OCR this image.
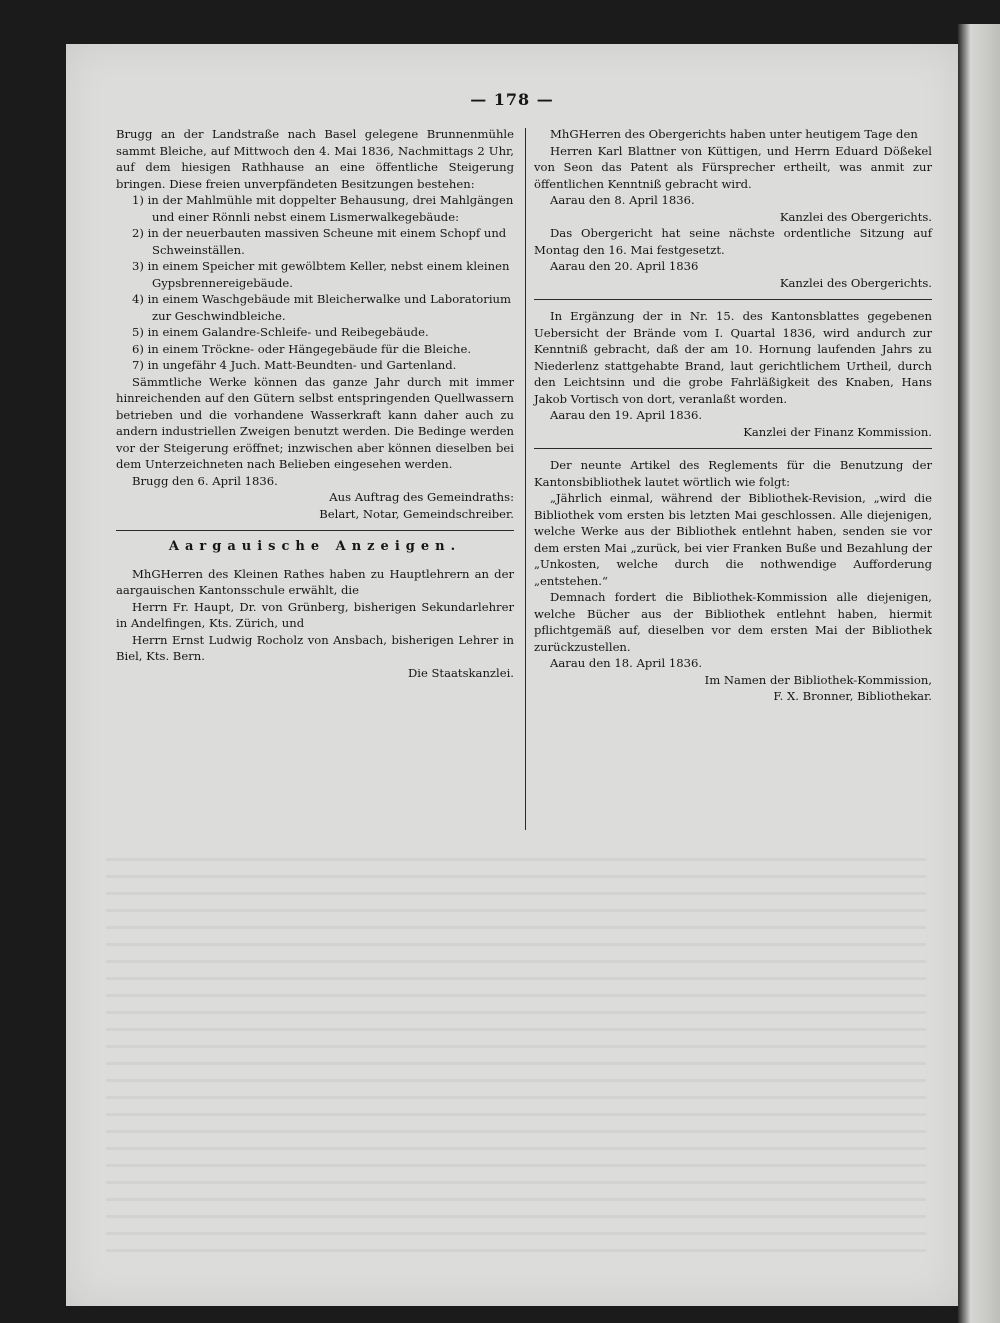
— 178 —

Brugg an der Landstraße nach Basel gelegene Brunnenmühle sammt Bleiche, auf Mittwoch den 4. Mai 1836, Nachmittags 2 Uhr, auf dem hiesigen Rathhause an eine öffentliche Steigerung bringen. Diese freien unverpfändeten Besitzungen bestehen:

1) in der Mahlmühle mit doppelter Behausung, drei Mahlgängen und einer Rönnli nebst einem Lismerwalkegebäude:
2) in der neuerbauten massiven Scheune mit einem Schopf und Schweinställen.
3) in einem Speicher mit gewölbtem Keller, nebst einem kleinen Gypsbrennereigebäude.
4) in einem Waschgebäude mit Bleicherwalke und Laboratorium zur Geschwindbleiche.
5) in einem Galandre-Schleife- und Reibegebäude.
6) in einem Tröckne- oder Hängegebäude für die Bleiche.
7) in ungefähr 4 Juch. Matt-Beundten- und Gartenland.

Sämmtliche Werke können das ganze Jahr durch mit immer hinreichenden auf den Gütern selbst entspringenden Quellwassern betrieben und die vorhandene Wasserkraft kann daher auch zu andern industriellen Zweigen benutzt werden. Die Bedinge werden vor der Steigerung eröffnet; inzwischen aber können dieselben bei dem Unterzeichneten nach Belieben eingesehen werden.

Brugg den 6. April 1836.

Aus Auftrag des Gemeindraths:

Belart, Notar, Gemeindschreiber.

Aargauische Anzeigen.

MhGHerren des Kleinen Rathes haben zu Hauptlehrern an der aargauischen Kantonsschule erwählt, die

Herrn Fr. Haupt, Dr. von Grünberg, bisherigen Sekundarlehrer in Andelfingen, Kts. Zürich, und

Herrn Ernst Ludwig Rocholz von Ansbach, bisherigen Lehrer in Biel, Kts. Bern.

Die Staatskanzlei.

MhGHerren des Obergerichts haben unter heutigem Tage den

Herren Karl Blattner von Küttigen, und Herrn Eduard Dößekel von Seon das Patent als Fürsprecher ertheilt, was anmit zur öffentlichen Kenntniß gebracht wird.

Aarau den 8. April 1836.

Kanzlei des Obergerichts.

Das Obergericht hat seine nächste ordentliche Sitzung auf Montag den 16. Mai festgesetzt.

Aarau den 20. April 1836

Kanzlei des Obergerichts.

In Ergänzung der in Nr. 15. des Kantonsblattes gegebenen Uebersicht der Brände vom I. Quartal 1836, wird andurch zur Kenntniß gebracht, daß der am 10. Hornung laufenden Jahrs zu Niederlenz stattgehabte Brand, laut gerichtlichem Urtheil, durch den Leichtsinn und die grobe Fahrläßigkeit des Knaben, Hans Jakob Vortisch von dort, veranlaßt worden.

Aarau den 19. April 1836.

Kanzlei der Finanz Kommission.

Der neunte Artikel des Reglements für die Benutzung der Kantonsbibliothek lautet wörtlich wie folgt:

„Jährlich einmal, während der Bibliothek-Revision, „wird die Bibliothek vom ersten bis letzten Mai geschlossen. Alle diejenigen, welche Werke aus der Bibliothek entlehnt haben, senden sie vor dem ersten Mai „zurück, bei vier Franken Buße und Bezahlung der „Unkosten, welche durch die nothwendige Aufforderung „entstehen.“

Demnach fordert die Bibliothek-Kommission alle diejenigen, welche Bücher aus der Bibliothek entlehnt haben, hiermit pflichtgemäß auf, dieselben vor dem ersten Mai der Bibliothek zurückzustellen.

Aarau den 18. April 1836.

Im Namen der Bibliothek-Kommission,

F. X. Bronner, Bibliothekar.
